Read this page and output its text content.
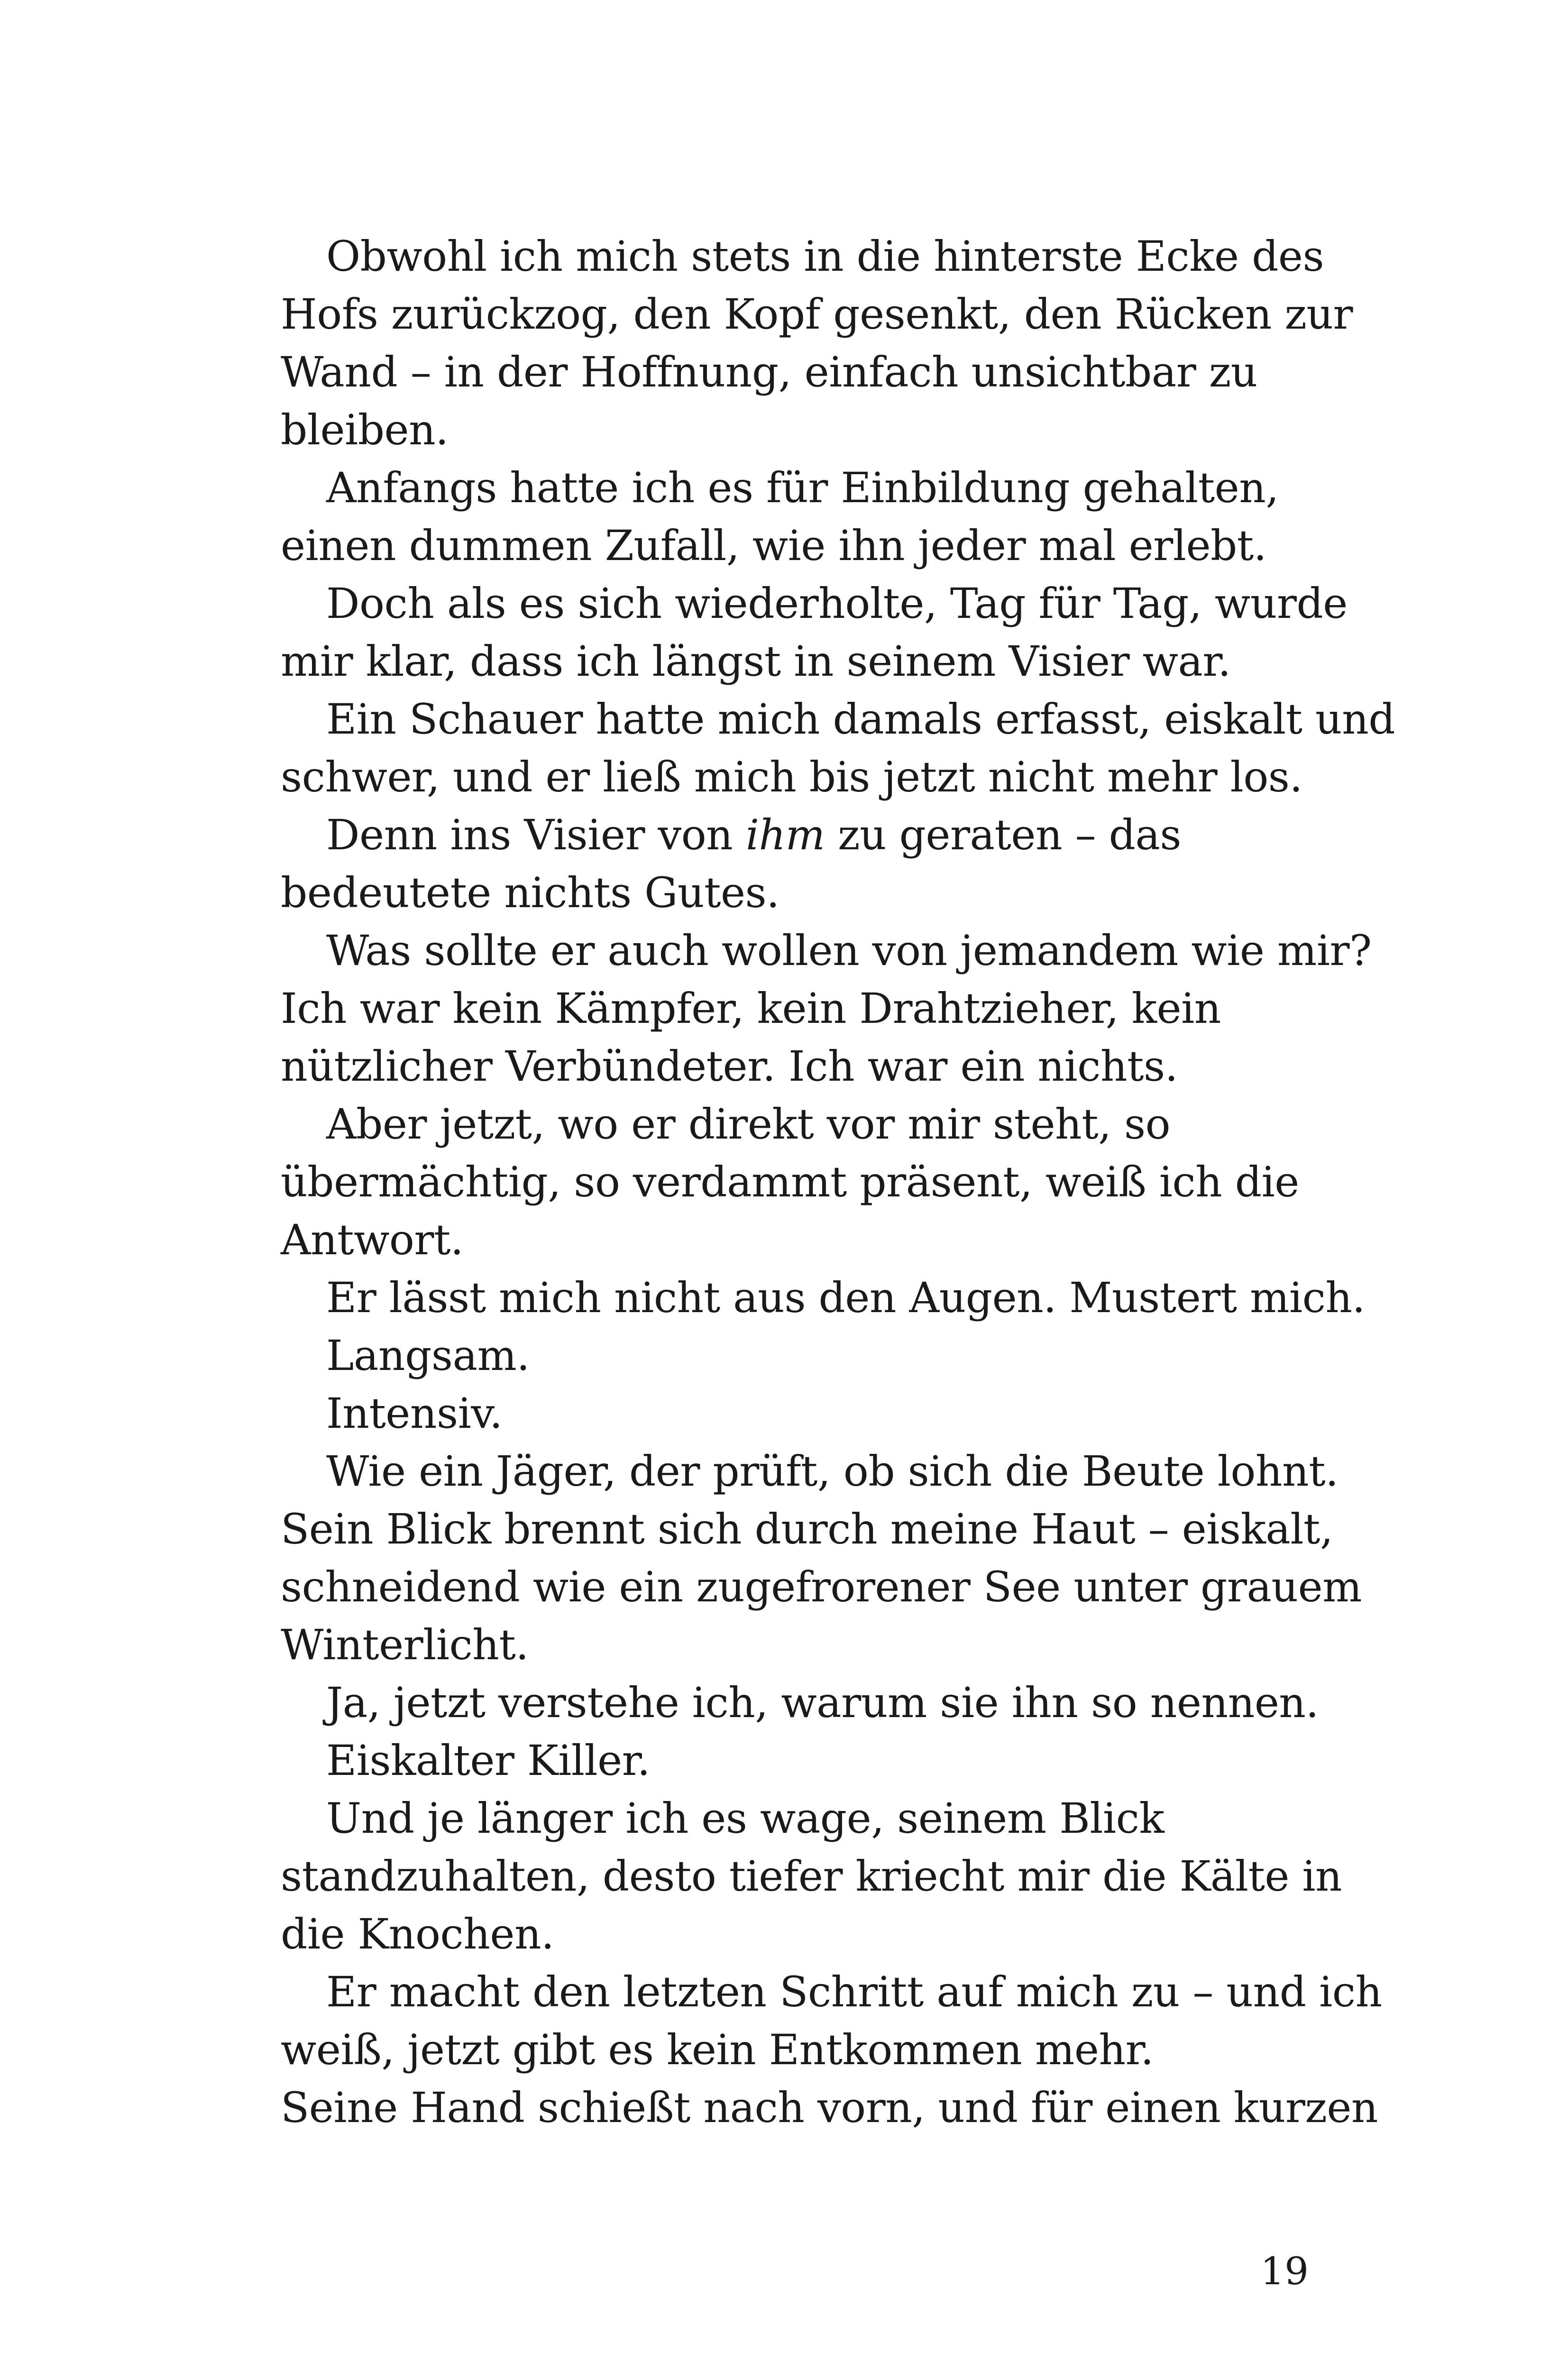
Obwohl ich mich stets in die hinterste Ecke des
Hofs zurückzog, den Kopf gesenkt, den Rücken zur
Wand – in der Hoffnung, einfach unsichtbar zu
bleiben.
Anfangs hatte ich es für Einbildung gehalten,
einen dummen Zufall, wie ihn jeder mal erlebt.
Doch als es sich wiederholte, Tag für Tag, wurde
mir klar, dass ich längst in seinem Visier war.
Ein Schauer hatte mich damals erfasst, eiskalt und
schwer, und er ließ mich bis jetzt nicht mehr los.
Denn ins Visier von ihm zu geraten – das
bedeutete nichts Gutes.
Was sollte er auch wollen von jemandem wie mir?
Ich war kein Kämpfer, kein Drahtzieher, kein
nützlicher Verbündeter. Ich war ein nichts.
Aber jetzt, wo er direkt vor mir steht, so
übermächtig, so verdammt präsent, weiß ich die
Antwort.
Er lässt mich nicht aus den Augen. Mustert mich.
Langsam.
Intensiv.
Wie ein Jäger, der prüft, ob sich die Beute lohnt.
Sein Blick brennt sich durch meine Haut – eiskalt,
schneidend wie ein zugefrorener See unter grauem
Winterlicht.
Ja, jetzt verstehe ich, warum sie ihn so nennen.
Eiskalter Killer.
Und je länger ich es wage, seinem Blick
standzuhalten, desto tiefer kriecht mir die Kälte in
die Knochen.
Er macht den letzten Schritt auf mich zu – und ich
weiß, jetzt gibt es kein Entkommen mehr.
Seine Hand schießt nach vorn, und für einen kurzen
19
